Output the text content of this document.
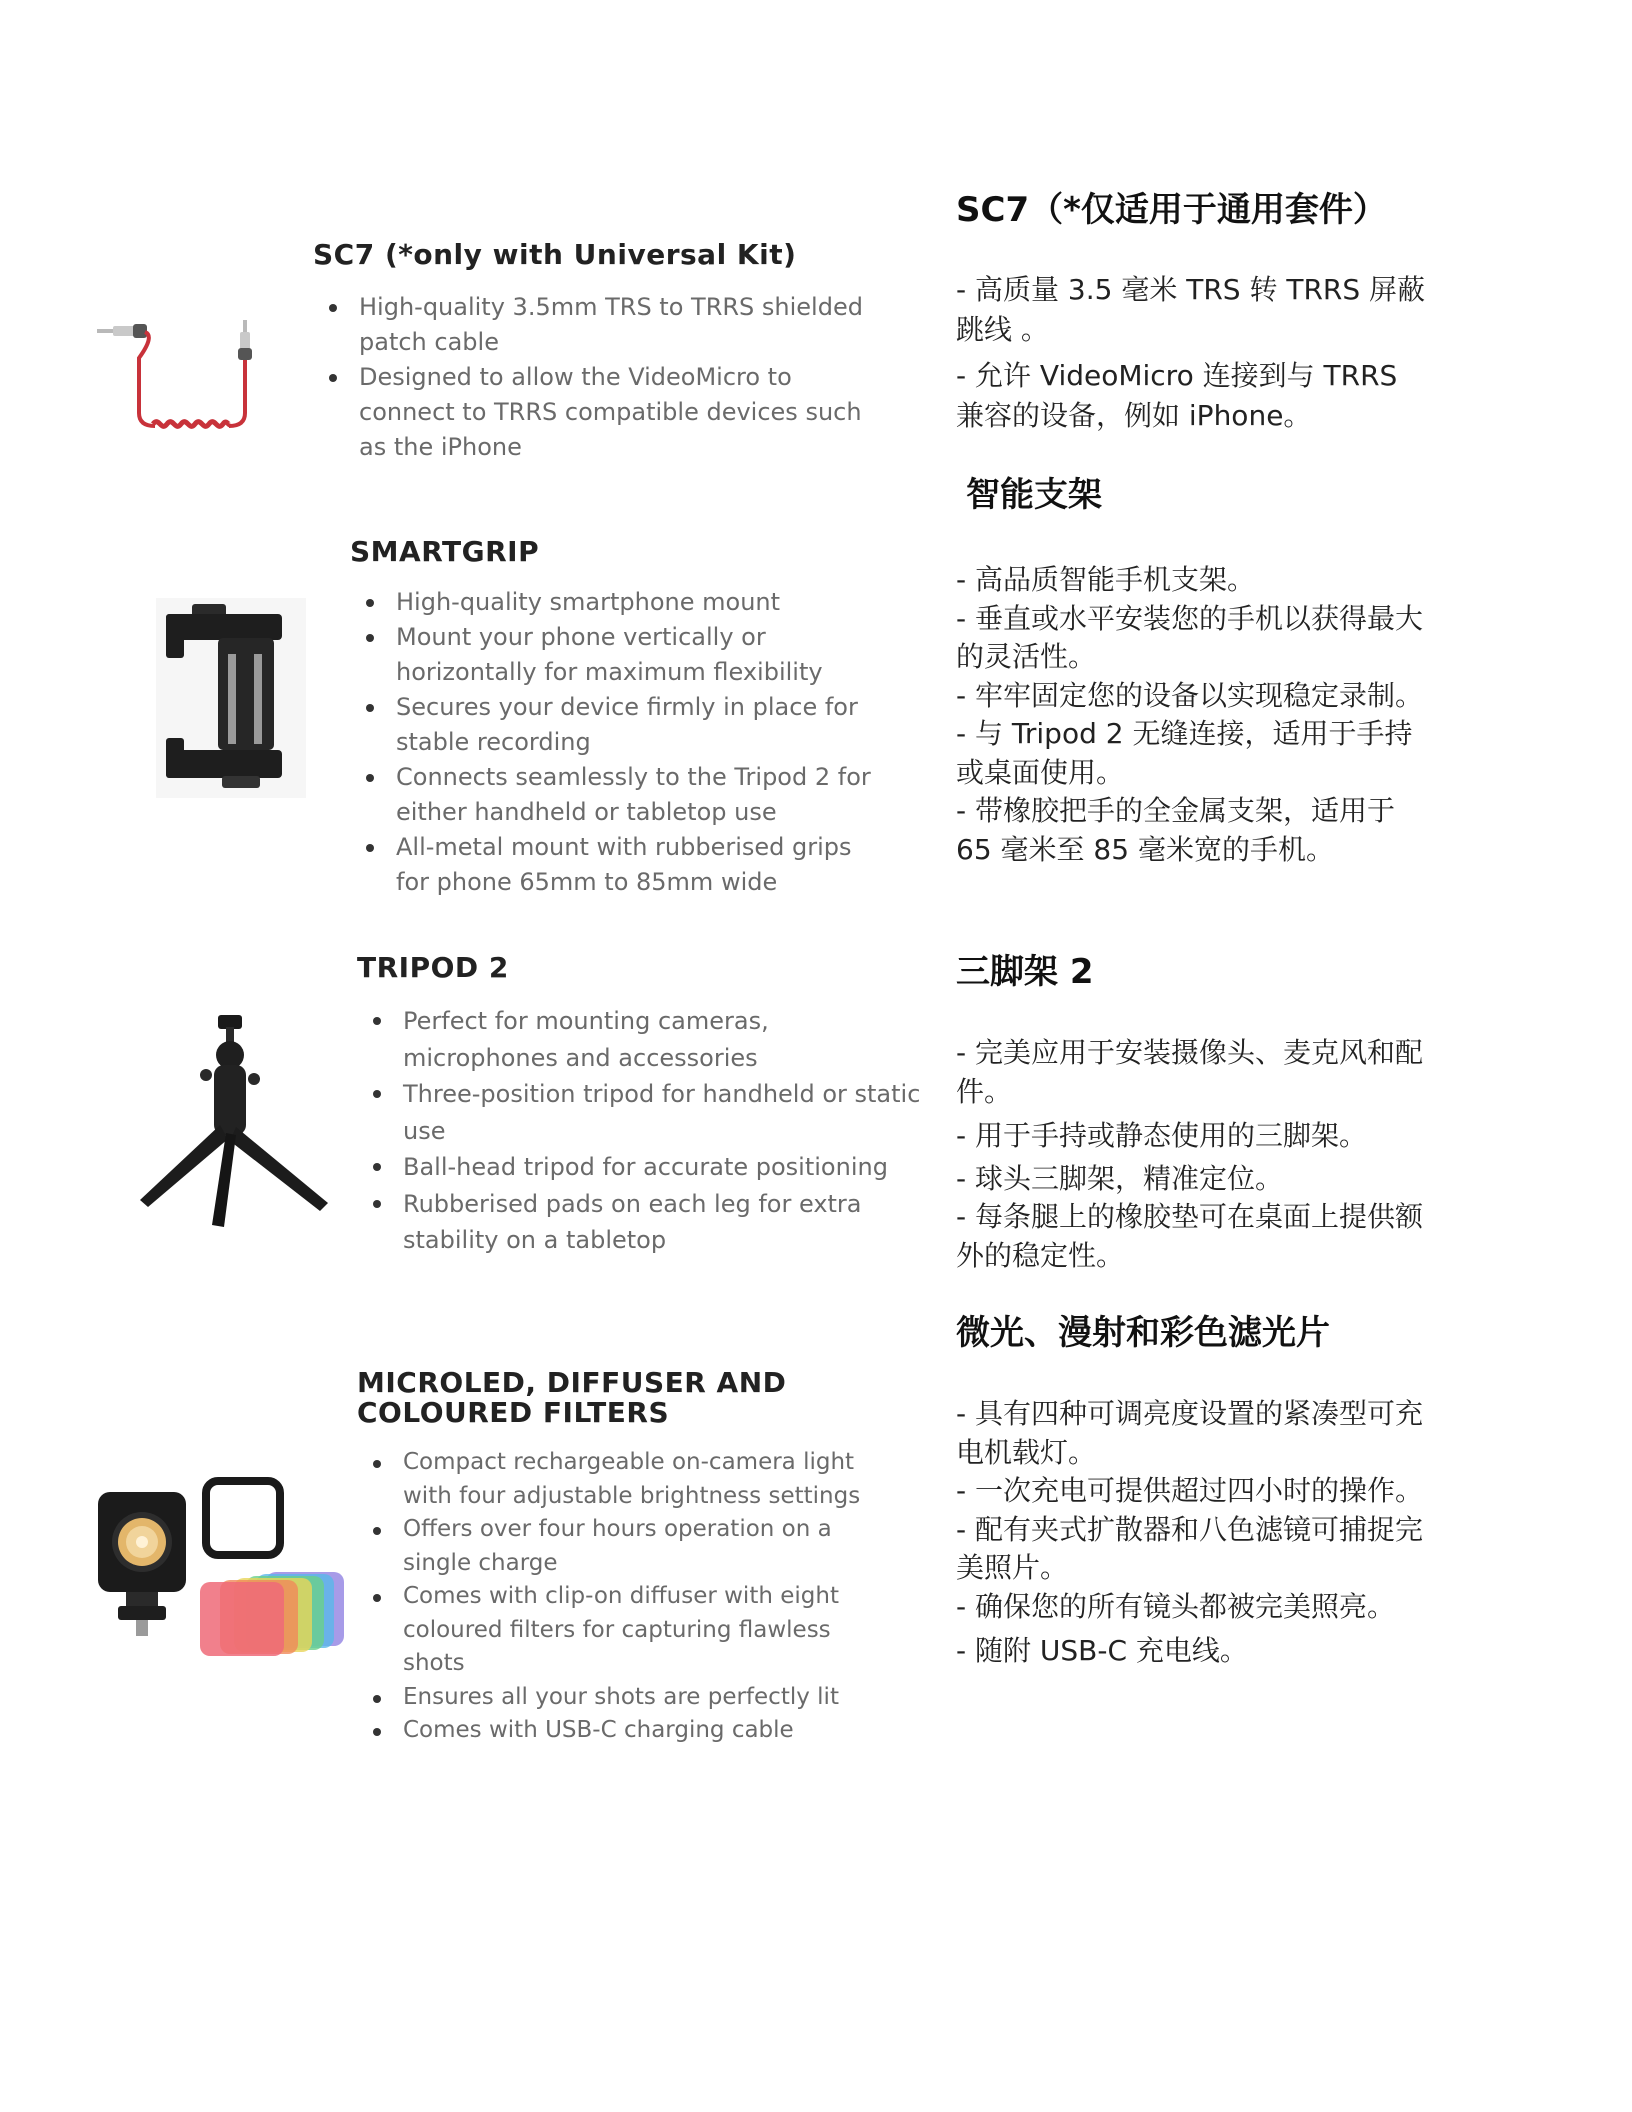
SC7 (*only with Universal Kit)
High-quality 3.5mm TRS to TRRS shielded patch cable
Designed to allow the VideoMicro to connect to TRRS compatible devices such as the iPhone
SMARTGRIP
High-quality smartphone mount
Mount your phone vertically or horizontally for maximum flexibility
Secures your device firmly in place for stable recording
Connects seamlessly to the Tripod 2 for either handheld or tabletop use
All-metal mount with rubberised grips for phone 65mm to 85mm wide
TRIPOD 2
Perfect for mounting cameras, microphones and accessories
Three-position tripod for handheld or static use
Ball-head tripod for accurate positioning
Rubberised pads on each leg for extra stability on a tabletop
MICROLED, DIFFUSER AND
COLOURED FILTERS
Compact rechargeable on-camera light with four adjustable brightness settings
Offers over four hours operation on a single charge
Comes with clip-on diffuser with eight coloured filters for capturing flawless shots
Ensures all your shots are perfectly lit
Comes with USB-C charging cable
SC7（*仅适用于通用套件）

- 高质量 3.5 毫米 TRS 转 TRRS 屏蔽跳线 。

- 允许 VideoMicro 连接到与 TRRS 兼容的设备，例如 iPhone。

智能支架

- 高品质智能手机支架。

- 垂直或水平安装您的手机以获得最大的灵活性。

- 牢牢固定您的设备以实现稳定录制。

- 与 Tripod 2 无缝连接，适用于手持或桌面使用。

- 带橡胶把手的全金属支架，适用于 65 毫米至 85 毫米宽的手机。

三脚架 2

- 完美应用于安装摄像头、麦克风和配件。

- 用于手持或静态使用的三脚架。

- 球头三脚架，精准定位。

- 每条腿上的橡胶垫可在桌面上提供额外的稳定性。

微光、漫射和彩色滤光片

- 具有四种可调亮度设置的紧凑型可充电机载灯。

- 一次充电可提供超过四小时的操作。

- 配有夹式扩散器和八色滤镜可捕捉完美照片。

- 确保您的所有镜头都被完美照亮。

- 随附 USB-C 充电线。
